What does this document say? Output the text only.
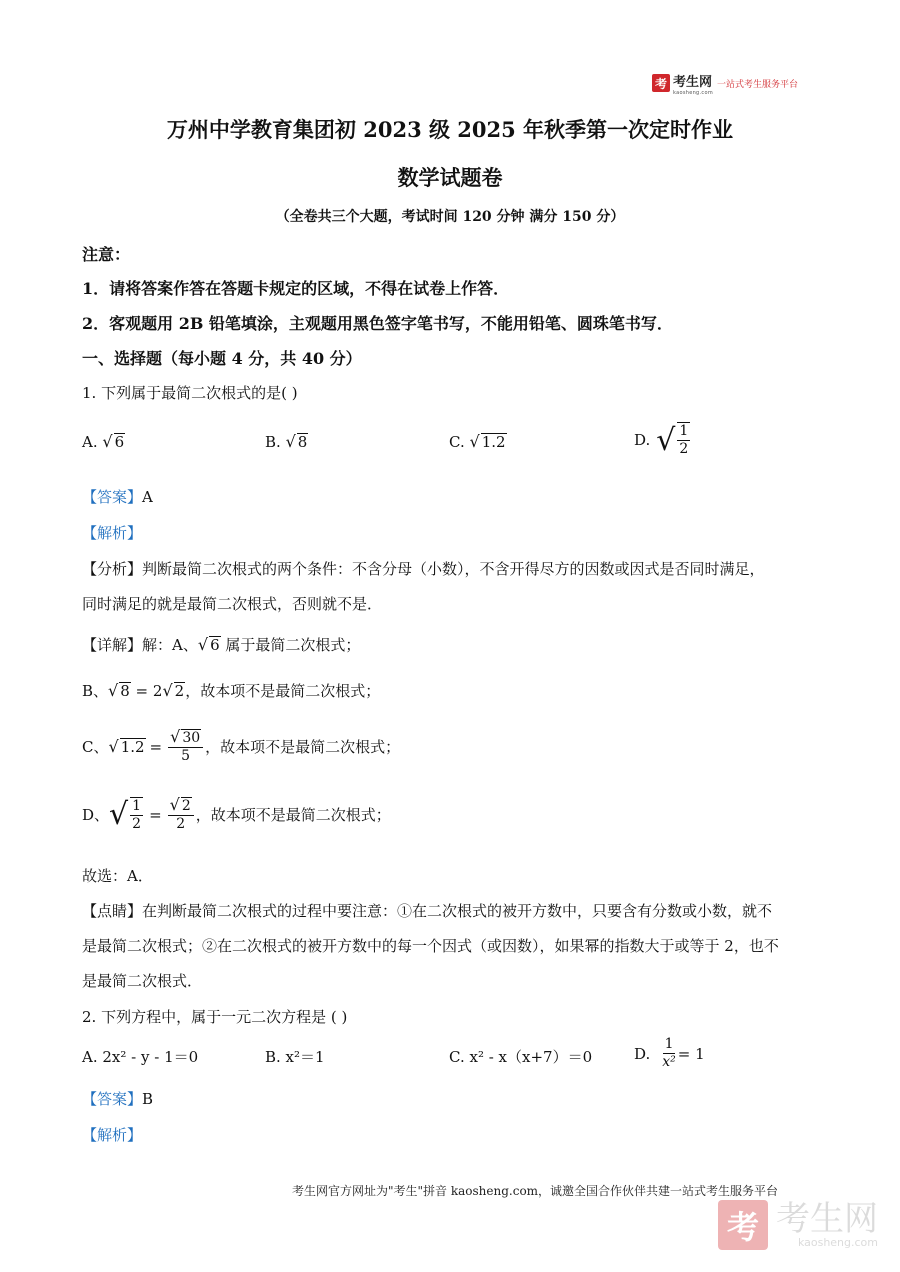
考 考生网
kaosheng.com
一站式考生服务平台
万州中学教育集团初 2023 级 2025 年秋季第一次定时作业
数学试题卷
（全卷共三个大题，考试时间 120 分钟 满分 150 分）
注意：
1．请将答案作答在答题卡规定的区域，不得在试卷上作答．
2．客观题用 2B 铅笔填涂，主观题用黑色签字笔书写，不能用铅笔、圆珠笔书写．
一、选择题（每小题 4 分，共 40 分）
1. 下列属于最简二次根式的是( )
A. √ 6	B. √ 8	C. √ 1.2	D. √ $\frac{1}{2}$
【答案】A
【解析】
【分析】判断最简二次根式的两个条件：不含分母（小数），不含开得尽方的因数或因式是否同时满足，
同时满足的就是最简二次根式，否则就不是．
【详解】解：A、√ 6 属于最简二次根式；
B、√ 8 = 2√ 2，故本项不是最简二次根式；
C、 √ $1.2 = \frac{√ 30}{5}$ ，故本项不是最简二次根式；
D、 √ $\frac{1}{2} = \frac{√ 2}{2}$ ，故本项不是最简二次根式；
故选：A．
【点睛】在判断最简二次根式的过程中要注意：①在二次根式的被开方数中，只要含有分数或小数，就不
是最简二次根式；②在二次根式的被开方数中的每一个因式（或因数），如果幂的指数大于或等于 2，也不
是最简二次根式．
2. 下列方程中，属于一元二次方程是 ( )
A. 2x² - y - 1＝0	B. x²＝1	C. x² - x（x+7）＝0	D. $\frac{1}{\text{x²}} = 1$
【答案】B
【解析】
考生网官方网址为"考生"拼音 kaosheng.com，诚邀全国合作伙伴共建一站式考生服务平台
考 考生网
kaosheng.com
